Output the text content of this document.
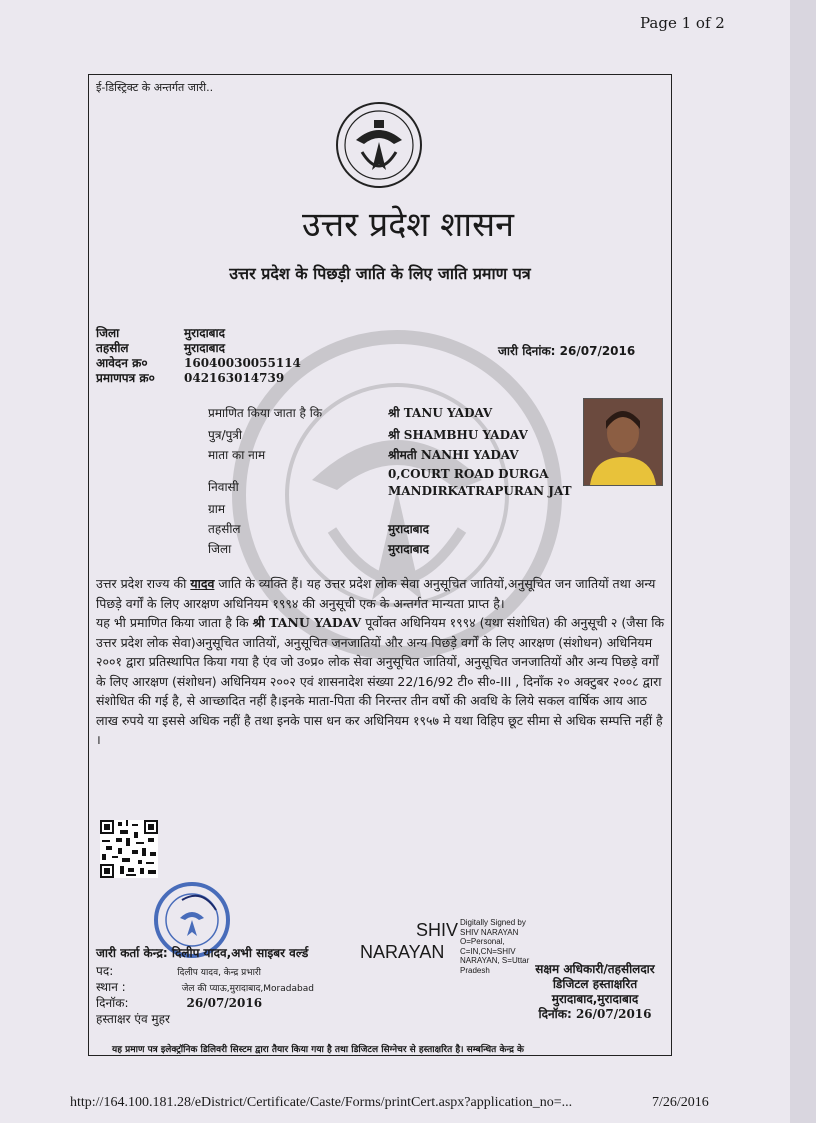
Page 1 of 2
ई-डिस्ट्रिक्ट के अन्तर्गत जारी..
उत्तर प्रदेश शासन
उत्तर प्रदेश के पिछड़ी जाति के लिए जाति प्रमाण पत्र
जिला	मुरादाबाद
तहसील	मुरादाबाद
आवेदन क्र०	16040030055114
प्रमाणपत्र क्र०	042163014739
जारी दिनांक: 26/07/2016
प्रमाणित किया जाता है कि	श्री TANU YADAV
पुत्र/पुत्री	श्री SHAMBHU YADAV
माता का नाम	श्रीमती NANHI YADAV
निवासी
0,COURT ROAD DURGA
MANDIRKATRAPURAN JAT
ग्राम
तहसील	मुरादाबाद
जिला	मुरादाबाद

उत्तर प्रदेश राज्य की यादव जाति के व्यक्ति हैं। यह उत्तर प्रदेश लोक सेवा अनुसूचित जातियों,अनुसूचित जन जातियों तथा अन्य पिछड़े वर्गों के लिए आरक्षण अधिनियम १९९४ की अनुसूची एक के अन्तर्गत मान्यता प्राप्त है।

यह भी प्रमाणित किया जाता है कि श्री TANU YADAV पूर्वोक्त अधिनियम १९९४ (यथा संशोधित) की अनुसूची २ (जैसा कि उत्तर प्रदेश लोक सेवा)अनुसूचित जातियों, अनुसूचित जनजातियों और अन्य पिछड़े वर्गों के लिए आरक्षण (संशोधन) अधिनियम २००१ द्वारा प्रतिस्थापित किया गया है एंव जो उ०प्र० लोक सेवा अनुसूचित जातियों, अनुसूचित जनजातियों और अन्य पिछड़े वर्गों के लिए आरक्षण (संशोधन) अधिनियम २००२ एवं शासनादेश संख्या 22/16/92 टी० सी०-III , दिनाँक २० अक्टुबर २००८ द्वारा संशोधित की गई है, से आच्छादित नहीं है।इनके माता-पिता की निरन्तर तीन वर्षो की अवधि के लिये सकल वार्षिक आय आठ लाख रुपये या इससे अधिक नहीं है तथा इनके पास धन कर अधिनियम १९५७ मे यथा विहिप छूट सीमा से अधिक सम्पत्ति नहीं है ।

जारी कर्ता केन्द्र: दिलीप यादव,अभी साइबर वर्ल्ड
पद:	दिलीप यादव, केन्द्र प्रभारी
स्थान :	जेल की प्याऊ,मुरादाबाद,Moradabad
दिनॉक:	26/07/2016
हस्ताक्षर एंव मुहर
SHIV
NARAYAN
Digitally Signed by SHIV NARAYAN O=Personal, C=IN,CN=SHIV NARAYAN, S=Uttar Pradesh	सक्षम अधिकारी/तहसीलदार
डिजिटल हस्ताक्षरित
मुरादाबाद,मुरादाबाद
दिनॉक: 26/07/2016
यह प्रमाण पत्र इलेक्ट्रॉनिक डिलिवरी सिस्टम द्वारा तैयार किया गया है तथा डिजिटल सिग्नेचर से हस्ताक्षरित है। सम्बन्धित केन्द्र के
http://164.100.181.28/eDistrict/Certificate/Caste/Forms/printCert.aspx?application_no=...	7/26/2016
